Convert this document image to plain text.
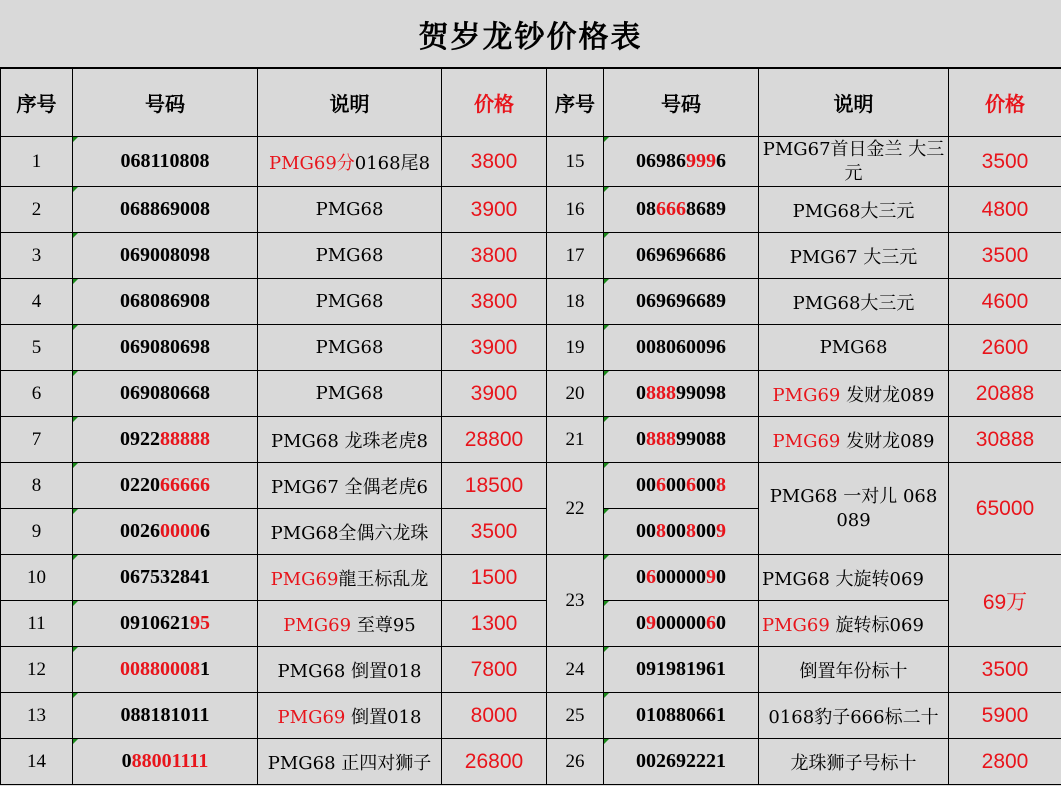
贺岁龙钞价格表
序号	号码	说明	价格	序号	号码	说明	价格
1	068110808	PMG69分0168尾8	3800	15	069869996	PMG67首日金兰 大三元	3500
2	068869008	PMG68	3900	16	086668689	PMG68大三元	4800
3	069008098	PMG68	3800	17	069696686	PMG67 大三元	3500
4	068086908	PMG68	3800	18	069696689	PMG68大三元	4600
5	069080698	PMG68	3900	19	008060096	PMG68	2600
6	069080668	PMG68	3900	20	088899098	PMG69 发财龙089	20888
7	092288888	PMG68 龙珠老虎8	28800	21	088899088	PMG69 发财龙089	30888
8	022066666	PMG67 全偶老虎6	18500	22	006006008	PMG68 一对儿 068 089	65000
9	002600006	PMG68全偶六龙珠	3500		008008009		
10	067532841	PMG69龍王标乱龙	1500	23	060000090	PMG68 大旋转069	69万
11	091062195	PMG69 至尊95	1300		090000060	PMG69 旋转标069	
12	008800081	PMG68 倒置018	7800	24	091981961	倒置年份标十	3500
13	088181011	PMG69 倒置018	8000	25	010880661	0168豹子666标二十	5900
14	088001111	PMG68 正四对狮子	26800	26	002692221	龙珠狮子号标十	2800
